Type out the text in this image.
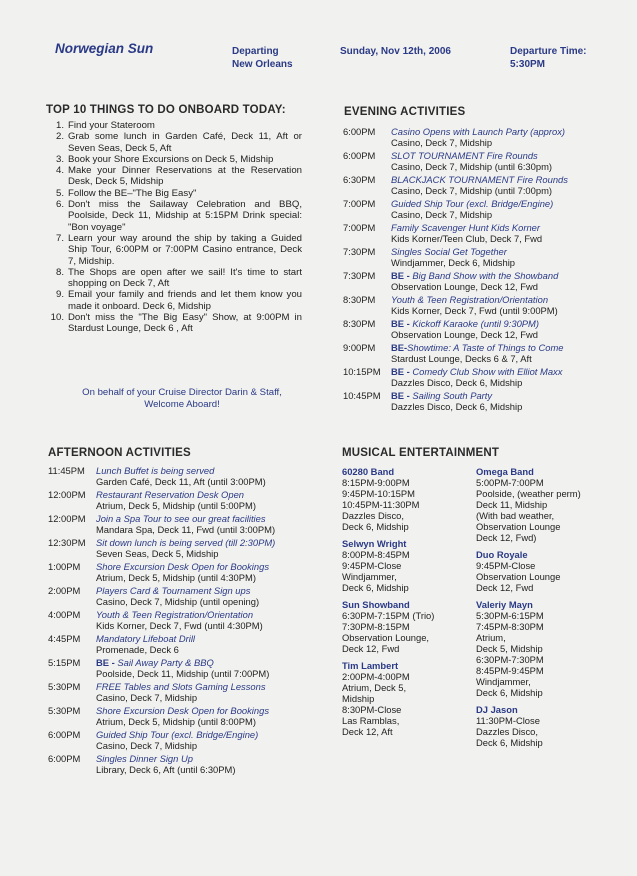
Norwegian Sun	Departing
New Orleans
Sunday, Nov 12th, 2006	Departure Time:
5:30PM
TOP 10 THINGS TO DO ONBOARD TODAY:
1. Find your Stateroom
2. Grab some lunch in Garden Café, Deck 11, Aft or Seven Seas, Deck 5, Aft
3. Book your Shore Excursions on Deck 5, Midship
4. Make your Dinner Reservations at the Reservation Desk, Deck 5, Midship
5. Follow the BE–"The Big Easy"
6. Don't miss the Sailaway Celebration and BBQ, Poolside, Deck 11, Midship at 5:15PM Drink special: "Bon voyage"
7. Learn your way around the ship by taking a Guided Ship Tour, 6:00PM or 7:00PM Casino entrance, Deck 7, Midship.
8. The Shops are open after we sail! It's time to start shopping on Deck 7, Aft
9. Email your family and friends and let them know you made it onboard. Deck 6, Midship
10. Don't miss the "The Big Easy" Show, at 9:00PM in Stardust Lounge, Deck 6 , Aft
On behalf of your Cruise Director Darin & Staff,
Welcome Aboard!
EVENING ACTIVITIES
6:00PM	Casino Opens with Launch Party (approx)
Casino, Deck 7, Midship
6:00PM	SLOT TOURNAMENT Fire Rounds
Casino, Deck 7, Midship (until 6:30pm)
6:30PM	BLACKJACK TOURNAMENT Fire Rounds
Casino, Deck 7, Midship (until 7:00pm)
7:00PM	Guided Ship Tour (excl. Bridge/Engine)
Casino, Deck 7, Midship
7:00PM	Family Scavenger Hunt Kids Korner
Kids Korner/Teen Club, Deck 7, Fwd
7:30PM	Singles Social Get Together
Windjammer, Deck 6, Midship
7:30PM	BE - Big Band Show with the Showband
Observation Lounge, Deck 12, Fwd
8:30PM	Youth & Teen Registration/Orientation
Kids Korner, Deck 7, Fwd (until 9:00PM)
8:30PM	BE - Kickoff Karaoke (until 9:30PM)
Observation Lounge, Deck 12, Fwd
9:00PM	BE-Showtime: A Taste of Things to Come
Stardust Lounge, Decks 6 & 7, Aft
10:15PM	BE - Comedy Club Show with Elliot Maxx
Dazzles Disco, Deck 6, Midship
10:45PM	BE - Sailing South Party
Dazzles Disco, Deck 6, Midship
AFTERNOON ACTIVITIES
11:45PM	Lunch Buffet is being served
Garden Café, Deck 11, Aft (until 3:00PM)
12:00PM	Restaurant Reservation Desk Open
Atrium, Deck 5, Midship (until 5:00PM)
12:00PM	Join a Spa Tour to see our great facilities
Mandara Spa, Deck 11, Fwd (until 3:00PM)
12:30PM	Sit down lunch is being served (till 2:30PM)
Seven Seas, Deck 5, Midship
1:00PM	Shore Excursion Desk Open for Bookings
Atrium, Deck 5, Midship (until 4:30PM)
2:00PM	Players Card & Tournament Sign ups
Casino, Deck 7, Midship (until opening)
4:00PM	Youth & Teen Registration/Orientation
Kids Korner, Deck 7, Fwd (until 4:30PM)
4:45PM	Mandatory Lifeboat Drill
Promenade, Deck 6
5:15PM	BE - Sail Away Party & BBQ
Poolside, Deck 11, Midship (until 7:00PM)
5:30PM	FREE Tables and Slots Gaming Lessons
Casino, Deck 7, Midship
5:30PM	Shore Excursion Desk Open for Bookings
Atrium, Deck 5, Midship (until 8:00PM)
6:00PM	Guided Ship Tour (excl. Bridge/Engine)
Casino, Deck 7, Midship
6:00PM	Singles Dinner Sign Up
Library, Deck 6, Aft (until 6:30PM)
MUSICAL ENTERTAINMENT
60280 Band
8:15PM-9:00PM
9:45PM-10:15PM
10:45PM-11:30PM
Dazzles Disco,
Deck 6, Midship
Selwyn Wright
8:00PM-8:45PM
9:45PM-Close
Windjammer,
Deck 6, Midship
Sun Showband
6:30PM-7:15PM (Trio)
7:30PM-8:15PM
Observation Lounge,
Deck 12, Fwd
Tim Lambert
2:00PM-4:00PM
Atrium, Deck 5,
Midship
8:30PM-Close
Las Ramblas,
Deck 12, Aft
Omega Band
5:00PM-7:00PM
Poolside, (weather perm)
Deck 11, Midship
(With bad weather,
Observation Lounge
Deck 12, Fwd)
Duo Royale
9:45PM-Close
Observation Lounge
Deck 12, Fwd
Valeriy Mayn
5:30PM-6:15PM
7:45PM-8:30PM
Atrium,
Deck 5, Midship
6:30PM-7:30PM
8:45PM-9:45PM
Windjammer,
Deck 6, Midship
DJ Jason
11:30PM-Close
Dazzles Disco,
Deck 6, Midship
